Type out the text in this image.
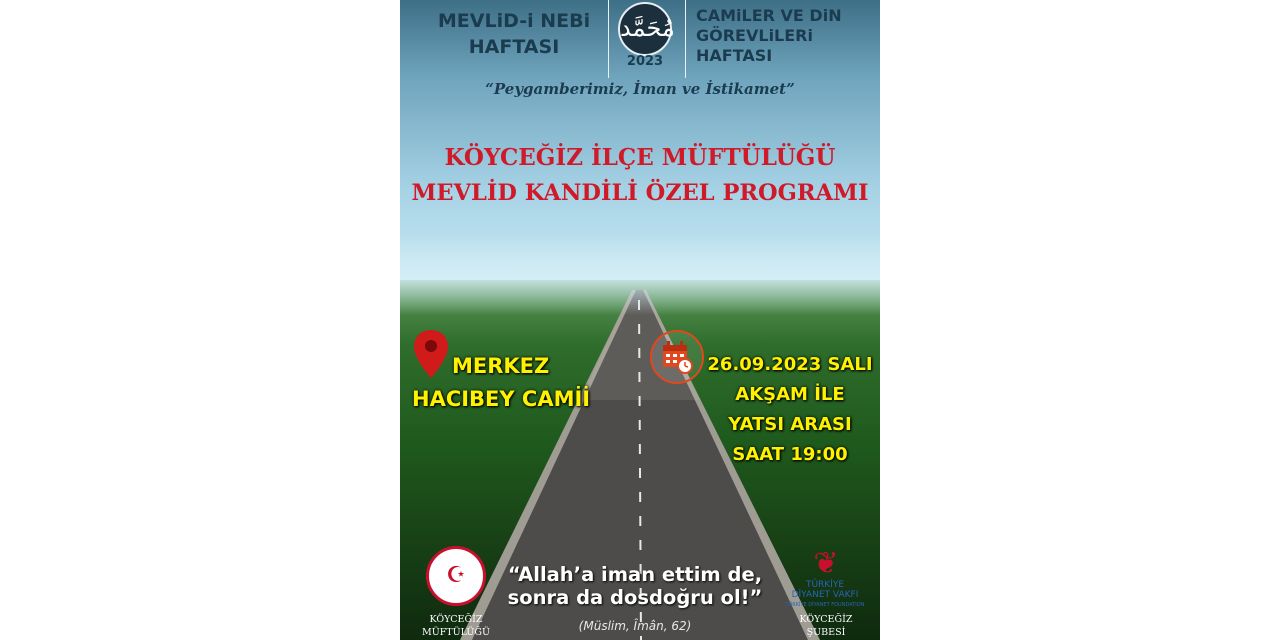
MEVLiD-i NEBi
HAFTASI
مُحَمَّد
2023
CAMiLER VE DiN
GÖREVLiLERi
HAFTASI
“Peygamberimiz, İman ve İstikamet”
KÖYCEĞİZ İLÇE MÜFTÜLÜĞÜ
MEVLİD KANDİLİ ÖZEL PROGRAMI
MERKEZ
HACIBEY CAMİİ
26.09.2023 SALI
AKŞAM İLE
YATSI ARASI
SAAT 19:00
☪
KÖYCEĞİZ
MÜFTÜLÜĞÜ
“Allah’a iman ettim de,
sonra da dosdoğru ol!”
(Müslim, Îmân, 62)
❦
TÜRKİYE
DİYANET VAKFI
TÜRKİYE DİYANET FOUNDATION
KÖYCEĞİZ
ŞUBESİ
